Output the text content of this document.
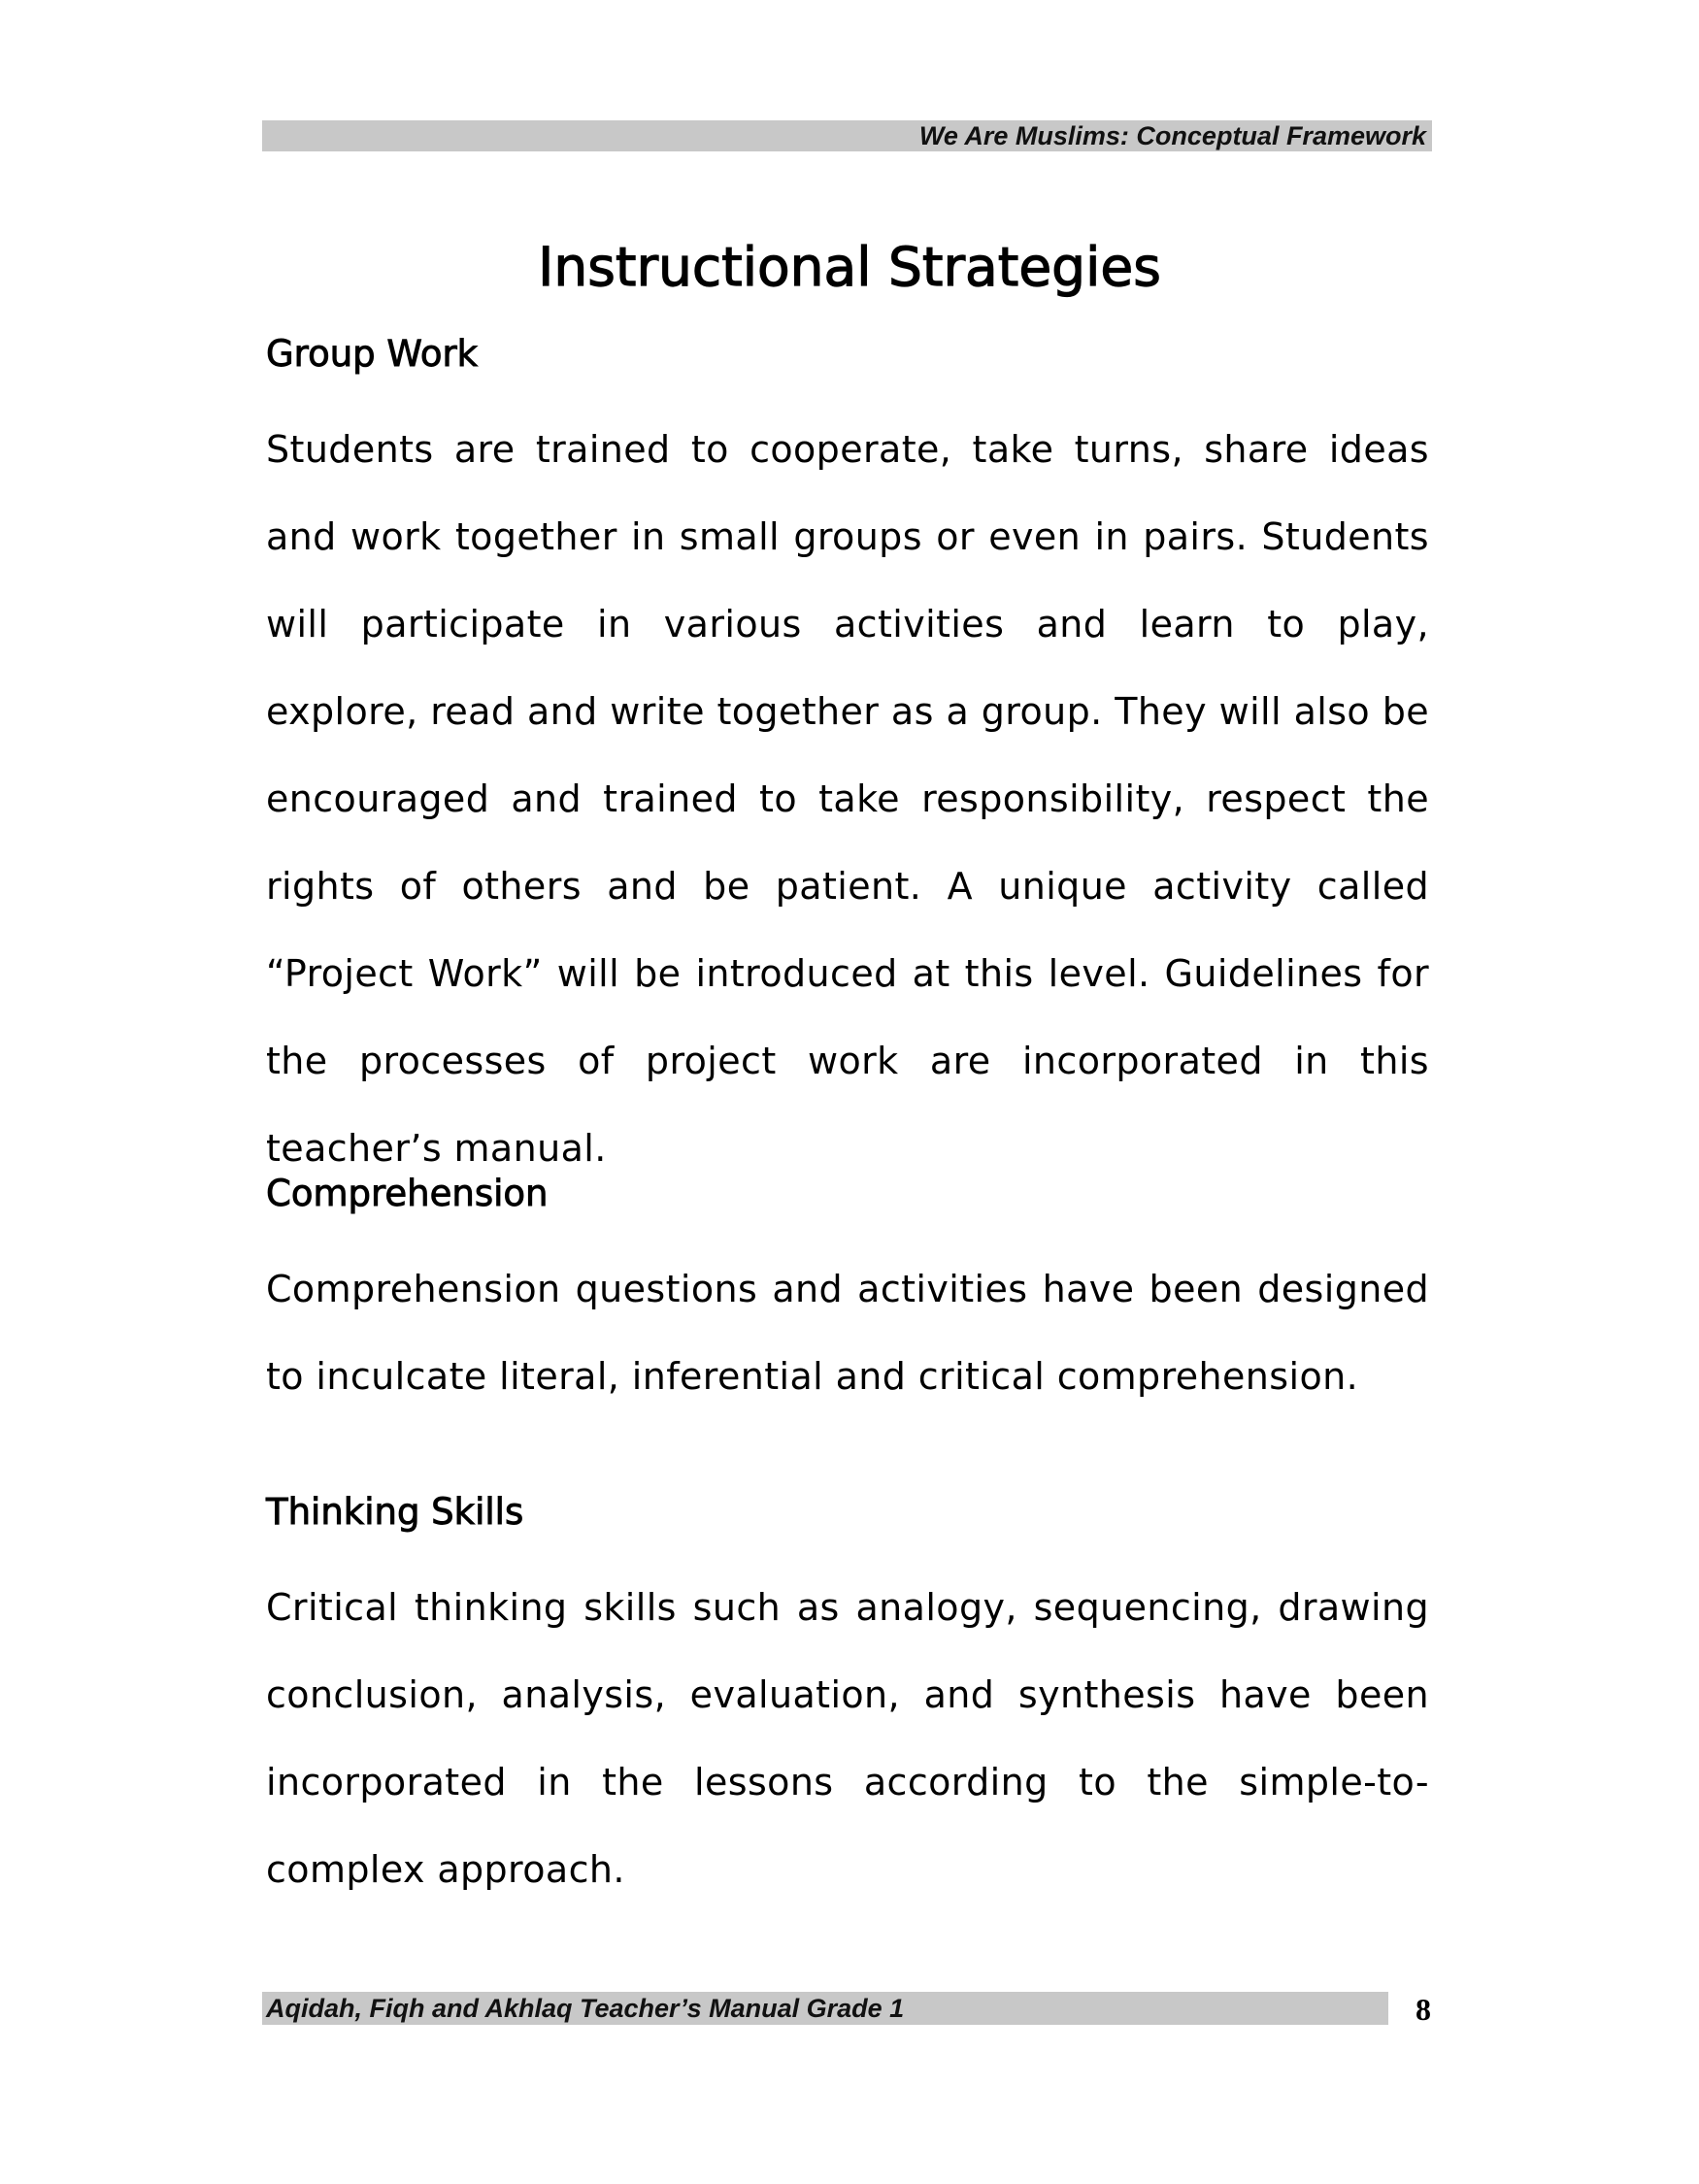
We Are Muslims: Conceptual Framework
Instructional Strategies
Group Work

Students are trained to cooperate, take turns, share ideas and work together in small groups or even in pairs. Students will participate in various activities and learn to play, explore, read and write together as a group. They will also be encouraged and trained to take responsibility, respect the rights of others and be patient. A unique activity called “Project Work” will be introduced at this level. Guidelines for the processes of project work are incorporated in this teacher’s manual.

Comprehension

Comprehension questions and activities have been designed to inculcate literal, inferential and critical comprehension.

Thinking Skills

Critical thinking skills such as analogy, sequencing, drawing conclusion, analysis, evaluation, and synthesis have been incorporated in the lessons according to the simple-to-complex approach.

Aqidah, Fiqh and Akhlaq Teacher’s Manual Grade 1	8
